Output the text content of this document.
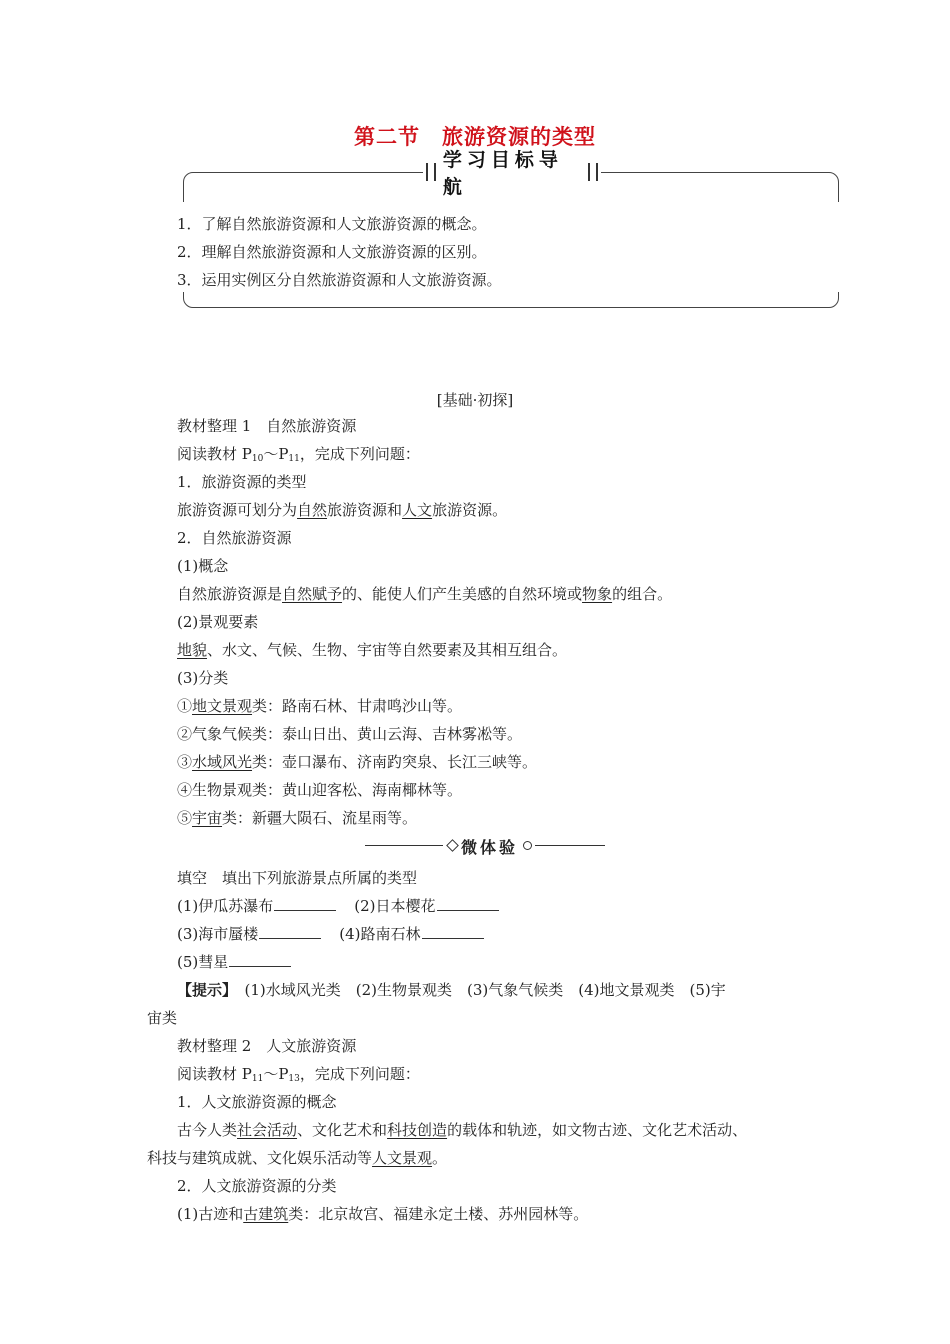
第二节　旅游资源的类型
学习目标导航
1．了解自然旅游资源和人文旅游资源的概念。
2．理解自然旅游资源和人文旅游资源的区别。
3．运用实例区分自然旅游资源和人文旅游资源。
[基础·初探]
教材整理 1　自然旅游资源
阅读教材 $P_{10}\sim P_{11}$，完成下列问题：
1．旅游资源的类型
旅游资源可划分为自然旅游资源和人文旅游资源。
2．自然旅游资源
(1)概念
自然旅游资源是自然赋予的、能使人们产生美感的自然环境或物象的组合。
(2)景观要素
地貌、水文、气候、生物、宇宙等自然要素及其相互组合。
(3)分类
①地文景观类：路南石林、甘肃鸣沙山等。
②气象气候类：泰山日出、黄山云海、吉林雾凇等。
③水域风光类：壶口瀑布、济南趵突泉、长江三峡等。
④生物景观类：黄山迎客松、海南椰林等。
⑤宇宙类：新疆大陨石、流星雨等。
微体验
填空　填出下列旅游景点所属的类型
(1)伊瓜苏瀑布	(2)日本樱花
(3)海市蜃楼	(4)路南石林
(5)彗星
【提示】　(1)水域风光类　(2)生物景观类　(3)气象气候类　(4)地文景观类　(5)宇
宙类
教材整理 2　人文旅游资源
阅读教材 $P_{11}\sim P_{13}$，完成下列问题：
1．人文旅游资源的概念
古今人类社会活动、文化艺术和科技创造的载体和轨迹，如文物古迹、文化艺术活动、
科技与建筑成就、文化娱乐活动等人文景观。
2．人文旅游资源的分类
(1)古迹和古建筑类：北京故宫、福建永定土楼、苏州园林等。
